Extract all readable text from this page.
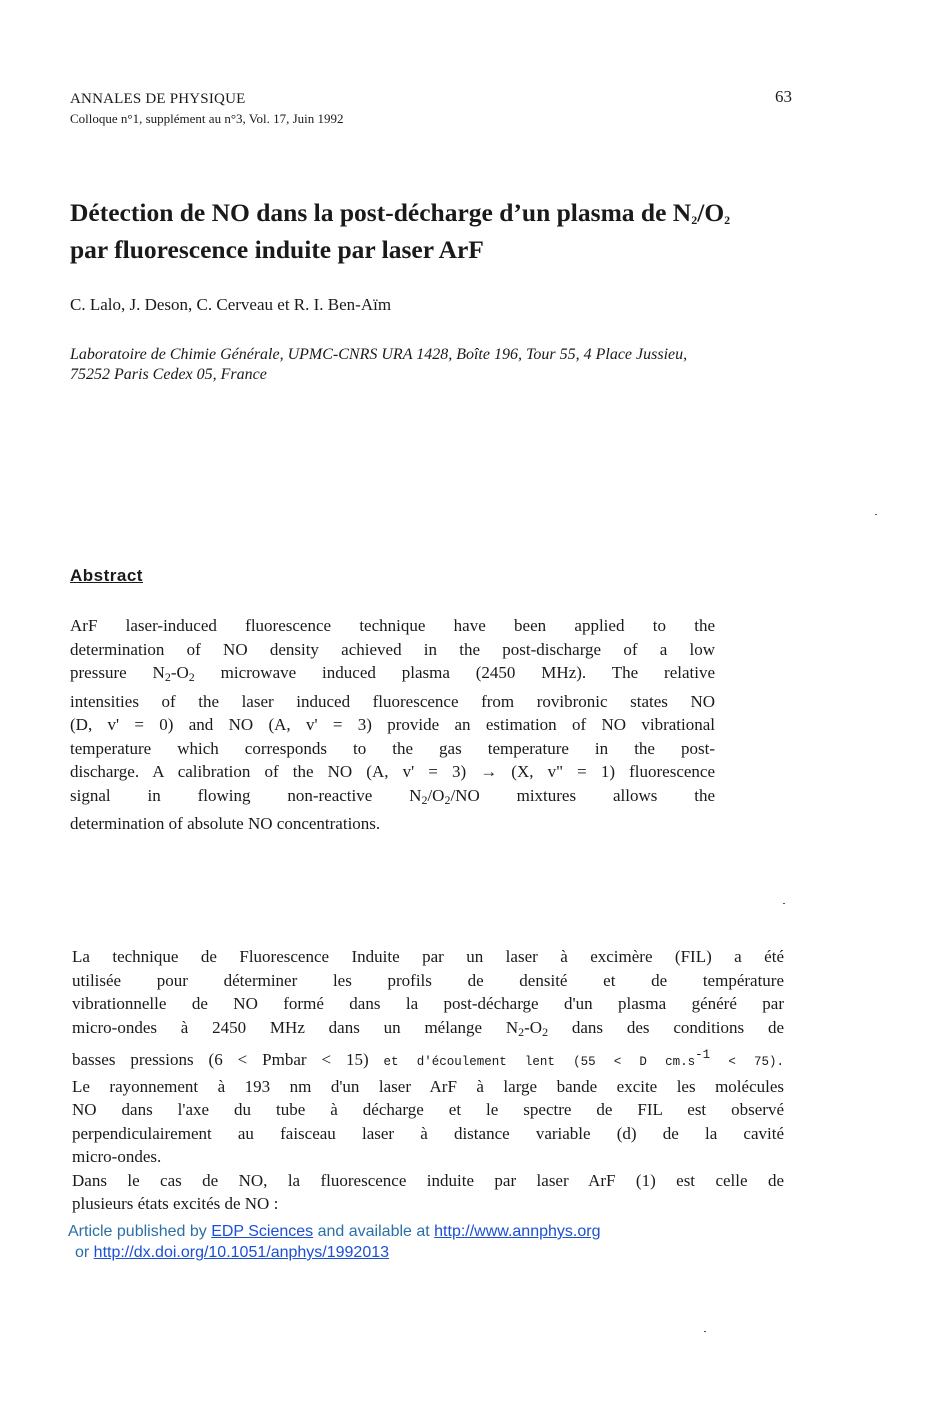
ANNALES DE PHYSIQUE
Colloque n°1, supplément au n°3, Vol. 17, Juin 1992
63
Détection de NO dans la post-décharge d’un plasma de $N_2/O_2$
par fluorescence induite par laser ArF
C. Lalo, J. Deson, C. Cerveau et R. I. Ben-Aïm
Laboratoire de Chimie Générale, UPMC-CNRS URA 1428, Boîte 196, Tour 55, 4 Place Jussieu,
75252 Paris Cedex 05, France
Abstract
ArF laser-induced fluorescence technique have been applied to the
determination of NO density achieved in the post-discharge of a low
pressure $N_2-O_2$ microwave induced plasma (2450 MHz). The relative
intensities of the laser induced fluorescence from rovibronic states NO
(D, v' = 0) and NO (A, v' = 3) provide an estimation of NO vibrational
temperature which corresponds to the gas temperature in the post-
discharge. A calibration of the NO (A, v' = 3) → (X, v" = 1) fluorescence
signal in flowing non-reactive $N_2/O_2/NO$ mixtures allows the
determination of absolute NO concentrations.
La technique de Fluorescence Induite par un laser à excimère (FIL) a été
utilisée pour déterminer les profils de densité et de température
vibrationnelle de NO formé dans la post-décharge d'un plasma généré par
micro-ondes à 2450 MHz dans un mélange $N_2-O_2$ dans des conditions de
basses pressions (6 < Pmbar < 15) et d'écoulement lent (55 < D $cm.s^{-1} < 75$).
Le rayonnement à 193 nm d'un laser ArF à large bande excite les molécules
NO dans l'axe du tube à décharge et le spectre de FIL est observé
perpendiculairement au faisceau laser à distance variable (d) de la cavité
micro-ondes.
Dans le cas de NO, la fluorescence induite par laser ArF (1) est celle de
plusieurs états excités de NO :
Article published by EDP Sciences and available at http://www.annphys.org
or http://dx.doi.org/10.1051/anphys/1992013
